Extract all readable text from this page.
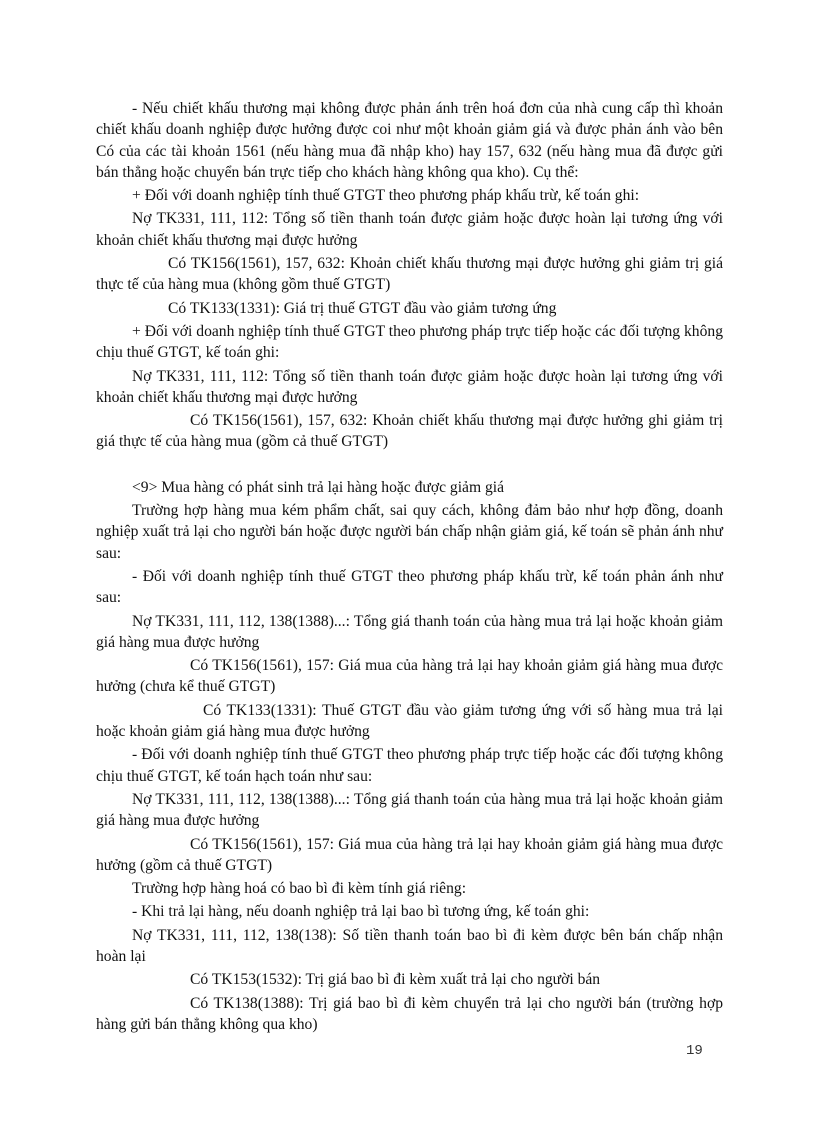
- Nếu chiết khấu thương mại không được phản ánh trên hoá đơn của nhà cung cấp thì khoản chiết khấu doanh nghiệp được hưởng được coi như một khoản giảm giá và được phản ánh vào bên Có của các tài khoản 1561 (nếu hàng mua đã nhập kho) hay 157, 632 (nếu hàng mua đã được gửi bán thẳng hoặc chuyển bán trực tiếp cho khách hàng không qua kho). Cụ thể:

+ Đối với doanh nghiệp tính thuế GTGT theo phương pháp khấu trừ, kế toán ghi:

Nợ TK331, 111, 112: Tổng số tiền thanh toán được giảm hoặc được hoàn lại tương ứng với khoản chiết khấu thương mại được hưởng

Có TK156(1561), 157, 632: Khoản chiết khấu thương mại được hưởng ghi giảm trị giá thực tế của hàng mua (không gồm thuế GTGT)

Có TK133(1331): Giá trị thuế GTGT đầu vào giảm tương ứng

+ Đối với doanh nghiệp tính thuế GTGT theo phương pháp trực tiếp hoặc các đối tượng không chịu thuế GTGT, kế toán ghi:

Nợ TK331, 111, 112: Tổng số tiền thanh toán được giảm hoặc được hoàn lại tương ứng với khoản chiết khấu thương mại được hưởng

Có TK156(1561), 157, 632: Khoản chiết khấu thương mại được hưởng ghi giảm trị giá thực tế của hàng mua (gồm cả thuế GTGT)

<9> Mua hàng có phát sinh trả lại hàng hoặc được giảm giá

Trường hợp hàng mua kém phẩm chất, sai quy cách, không đảm bảo như hợp đồng, doanh nghiệp xuất trả lại cho người bán hoặc được người bán chấp nhận giảm giá, kế toán sẽ phản ánh như sau:

- Đối với doanh nghiệp tính thuế GTGT theo phương pháp khấu trừ, kế toán phản ánh như sau:

Nợ TK331, 111, 112, 138(1388)...: Tổng giá thanh toán của hàng mua trả lại hoặc khoản giảm giá hàng mua được hưởng

Có TK156(1561), 157: Giá mua của hàng trả lại hay khoản giảm giá hàng mua được hưởng (chưa kể thuế GTGT)

Có TK133(1331): Thuế GTGT đầu vào giảm tương ứng với số hàng mua trả lại hoặc khoản giảm giá hàng mua được hưởng

- Đối với doanh nghiệp tính thuế GTGT theo phương pháp trực tiếp hoặc các đối tượng không chịu thuế GTGT, kế toán hạch toán như sau:

Nợ TK331, 111, 112, 138(1388)...: Tổng giá thanh toán của hàng mua trả lại hoặc khoản giảm giá hàng mua được hưởng

Có TK156(1561), 157: Giá mua của hàng trả lại hay khoản giảm giá hàng mua được hưởng (gồm cả thuế GTGT)

Trường hợp hàng hoá có bao bì đi kèm tính giá riêng:

- Khi trả lại hàng, nếu doanh nghiệp trả lại bao bì tương ứng, kế toán ghi:

Nợ TK331, 111, 112, 138(138): Số tiền thanh toán bao bì đi kèm được bên bán chấp nhận hoàn lại

Có TK153(1532): Trị giá bao bì đi kèm xuất trả lại cho người bán

Có TK138(1388): Trị giá bao bì đi kèm chuyển trả lại cho người bán (trường hợp hàng gửi bán thẳng không qua kho)

19
